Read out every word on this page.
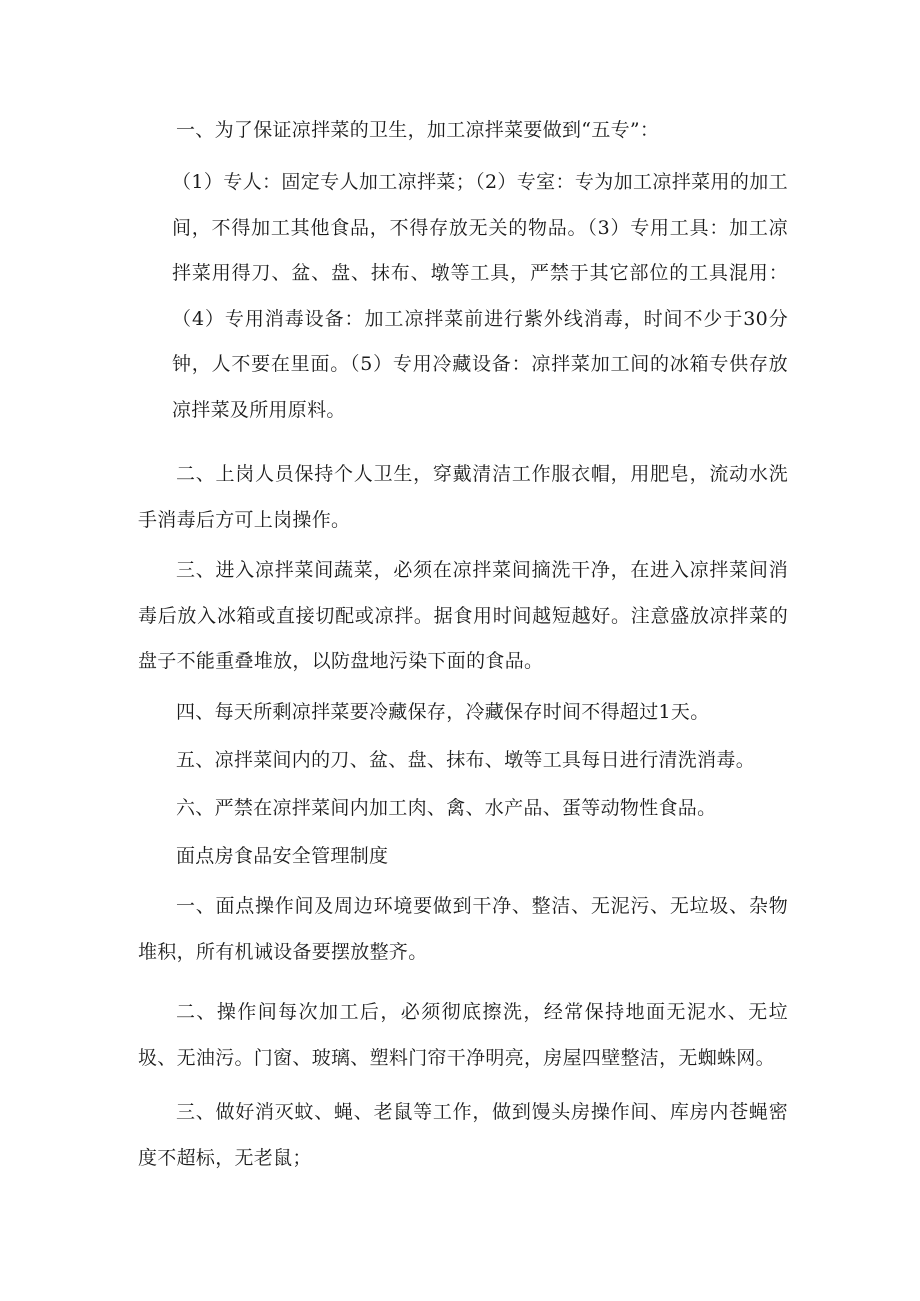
一、为了保证凉拌菜的卫生，加工凉拌菜要做到“五专”：

（1）专人：固定专人加工凉拌菜；（2）专室：专为加工凉拌菜用的加工间，不得加工其他食品，不得存放无关的物品。（3）专用工具：加工凉拌菜用得刀、盆、盘、抹布、墩等工具，严禁于其它部位的工具混用：（4）专用消毒设备：加工凉拌菜前进行紫外线消毒，时间不少于30分钟，人不要在里面。（5）专用冷藏设备：凉拌菜加工间的冰箱专供存放凉拌菜及所用原料。

二、上岗人员保持个人卫生，穿戴清洁工作服衣帽，用肥皂，流动水洗手消毒后方可上岗操作。

三、进入凉拌菜间蔬菜，必须在凉拌菜间摘洗干净，在进入凉拌菜间消毒后放入冰箱或直接切配或凉拌。据食用时间越短越好。注意盛放凉拌菜的盘子不能重叠堆放，以防盘地污染下面的食品。

四、每天所剩凉拌菜要冷藏保存，冷藏保存时间不得超过1天。

五、凉拌菜间内的刀、盆、盘、抹布、墩等工具每日进行清洗消毒。

六、严禁在凉拌菜间内加工肉、禽、水产品、蛋等动物性食品。

面点房食品安全管理制度

一、面点操作间及周边环境要做到干净、整洁、无泥污、无垃圾、杂物堆积，所有机诫设备要摆放整齐。

二、操作间每次加工后，必须彻底擦洗，经常保持地面无泥水、无垃圾、无油污。门窗、玻璃、塑料门帘干净明亮，房屋四壁整洁，无蜘蛛网。

三、做好消灭蚊、蝇、老鼠等工作，做到馒头房操作间、库房内苍蝇密度不超标，无老鼠；
